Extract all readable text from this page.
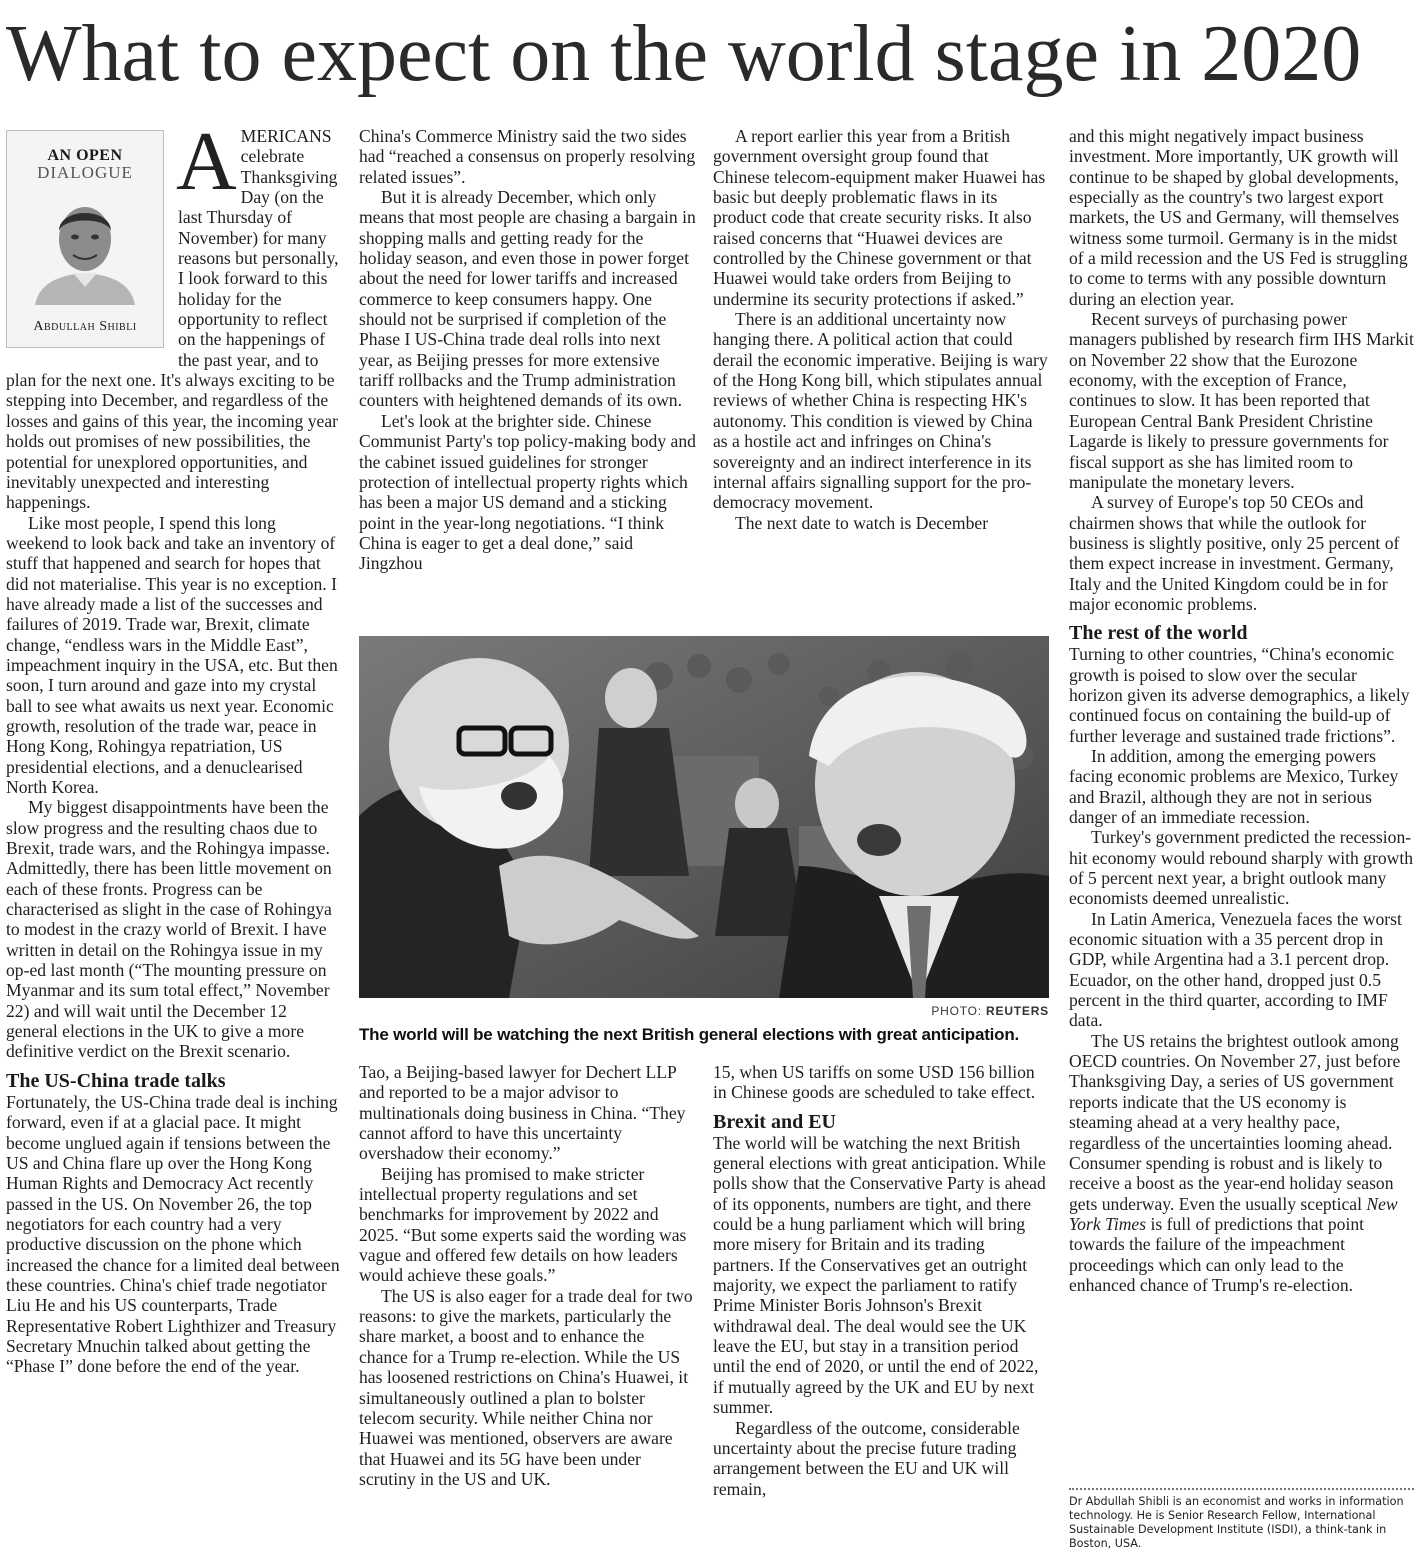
What to expect on the world stage in 2020
AN OPEN
DIALOGUE
Abdullah Shibli

AMERICANS celebrate Thanksgiving Day (on the last Thursday of November) for many reasons but personally, I look forward to this holiday for the opportunity to reflect on the happenings of the past year, and to plan for the next one. It's always exciting to be stepping into December, and regardless of the losses and gains of this year, the incoming year holds out promises of new possibilities, the potential for unexplored opportunities, and inevitably unexpected and interesting happenings.

Like most people, I spend this long weekend to look back and take an inventory of stuff that happened and search for hopes that did not materialise. This year is no exception. I have already made a list of the successes and failures of 2019. Trade war, Brexit, climate change, “endless wars in the Middle East”, impeachment inquiry in the USA, etc. But then soon, I turn around and gaze into my crystal ball to see what awaits us next year. Economic growth, resolution of the trade war, peace in Hong Kong, Rohingya repatriation, US presidential elections, and a denuclearised North Korea.

My biggest disappointments have been the slow progress and the resulting chaos due to Brexit, trade wars, and the Rohingya impasse. Admittedly, there has been little movement on each of these fronts. Progress can be characterised as slight in the case of Rohingya to modest in the crazy world of Brexit. I have written in detail on the Rohingya issue in my op-ed last month (“The mounting pressure on Myanmar and its sum total effect,” November 22) and will wait until the December 12 general elections in the UK to give a more definitive verdict on the Brexit scenario.

The US-China trade talks

Fortunately, the US-China trade deal is inching forward, even if at a glacial pace. It might become unglued again if tensions between the US and China flare up over the Hong Kong Human Rights and Democracy Act recently passed in the US. On November 26, the top negotiators for each country had a very productive discussion on the phone which increased the chance for a limited deal between these countries. China's chief trade negotiator Liu He and his US counterparts, Trade Representative Robert Lighthizer and Treasury Secretary Mnuchin talked about getting the “Phase I” done before the end of the year.

China's Commerce Ministry said the two sides had “reached a consensus on properly resolving related issues”.

But it is already December, which only means that most people are chasing a bargain in shopping malls and getting ready for the holiday season, and even those in power forget about the need for lower tariffs and increased commerce to keep consumers happy. One should not be surprised if completion of the Phase I US-China trade deal rolls into next year, as Beijing presses for more extensive tariff rollbacks and the Trump administration counters with heightened demands of its own.

Let's look at the brighter side. Chinese Communist Party's top policy-making body and the cabinet issued guidelines for stronger protection of intellectual property rights which has been a major US demand and a sticking point in the year-long negotiations. “I think China is eager to get a deal done,” said Jingzhou

A report earlier this year from a British government oversight group found that Chinese telecom-equipment maker Huawei has basic but deeply problematic flaws in its product code that create security risks. It also raised concerns that “Huawei devices are controlled by the Chinese government or that Huawei would take orders from Beijing to undermine its security protections if asked.”

There is an additional uncertainty now hanging there. A political action that could derail the economic imperative. Beijing is wary of the Hong Kong bill, which stipulates annual reviews of whether China is respecting HK's autonomy. This condition is viewed by China as a hostile act and infringes on China's sovereignty and an indirect interference in its internal affairs signalling support for the pro-democracy movement.

The next date to watch is December

PHOTO: REUTERS
The world will be watching the next British general elections with great anticipation.

Tao, a Beijing-based lawyer for Dechert LLP and reported to be a major advisor to multinationals doing business in China. “They cannot afford to have this uncertainty overshadow their economy.”

Beijing has promised to make stricter intellectual property regulations and set benchmarks for improvement by 2022 and 2025. “But some experts said the wording was vague and offered few details on how leaders would achieve these goals.”

The US is also eager for a trade deal for two reasons: to give the markets, particularly the share market, a boost and to enhance the chance for a Trump re-election. While the US has loosened restrictions on China's Huawei, it simultaneously outlined a plan to bolster telecom security. While neither China nor Huawei was mentioned, observers are aware that Huawei and its 5G have been under scrutiny in the US and UK.

15, when US tariffs on some USD 156 billion in Chinese goods are scheduled to take effect.

Brexit and EU

The world will be watching the next British general elections with great anticipation. While polls show that the Conservative Party is ahead of its opponents, numbers are tight, and there could be a hung parliament which will bring more misery for Britain and its trading partners. If the Conservatives get an outright majority, we expect the parliament to ratify Prime Minister Boris Johnson's Brexit withdrawal deal. The deal would see the UK leave the EU, but stay in a transition period until the end of 2020, or until the end of 2022, if mutually agreed by the UK and EU by next summer.

Regardless of the outcome, considerable uncertainty about the precise future trading arrangement between the EU and UK will remain,

and this might negatively impact business investment. More importantly, UK growth will continue to be shaped by global developments, especially as the country's two largest export markets, the US and Germany, will themselves witness some turmoil. Germany is in the midst of a mild recession and the US Fed is struggling to come to terms with any possible downturn during an election year.

Recent surveys of purchasing power managers published by research firm IHS Markit on November 22 show that the Eurozone economy, with the exception of France, continues to slow. It has been reported that European Central Bank President Christine Lagarde is likely to pressure governments for fiscal support as she has limited room to manipulate the monetary levers.

A survey of Europe's top 50 CEOs and chairmen shows that while the outlook for business is slightly positive, only 25 percent of them expect increase in investment. Germany, Italy and the United Kingdom could be in for major economic problems.

The rest of the world

Turning to other countries, “China's economic growth is poised to slow over the secular horizon given its adverse demographics, a likely continued focus on containing the build-up of further leverage and sustained trade frictions”.

In addition, among the emerging powers facing economic problems are Mexico, Turkey and Brazil, although they are not in serious danger of an immediate recession.

Turkey's government predicted the recession-hit economy would rebound sharply with growth of 5 percent next year, a bright outlook many economists deemed unrealistic.

In Latin America, Venezuela faces the worst economic situation with a 35 percent drop in GDP, while Argentina had a 3.1 percent drop. Ecuador, on the other hand, dropped just 0.5 percent in the third quarter, according to IMF data.

The US retains the brightest outlook among OECD countries. On November 27, just before Thanksgiving Day, a series of US government reports indicate that the US economy is steaming ahead at a very healthy pace, regardless of the uncertainties looming ahead. Consumer spending is robust and is likely to receive a boost as the year-end holiday season gets underway. Even the usually sceptical New York Times is full of predictions that point towards the failure of the impeachment proceedings which can only lead to the enhanced chance of Trump's re-election.

Dr Abdullah Shibli is an economist and works in information technology. He is Senior Research Fellow, International Sustainable Development Institute (ISDI), a think-tank in Boston, USA.
